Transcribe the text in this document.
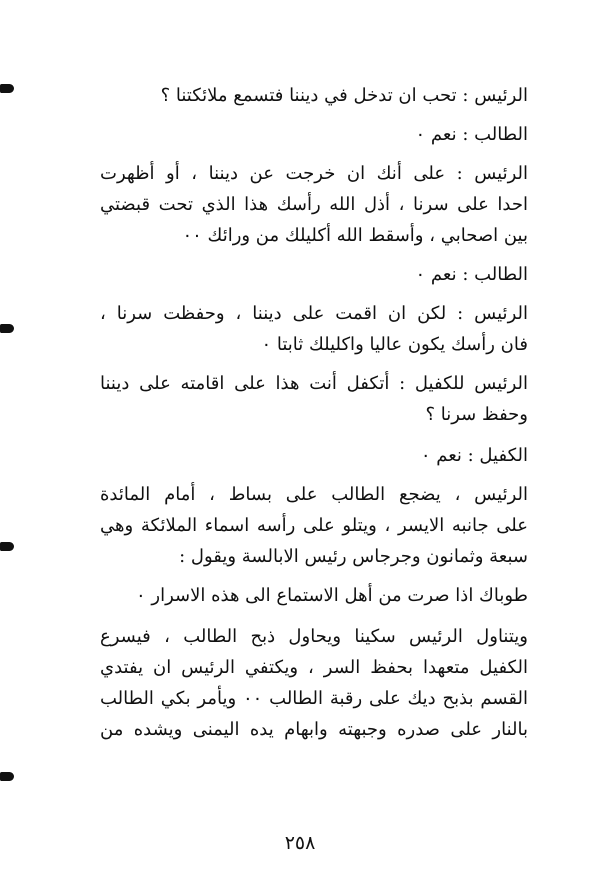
الرئيس : تحب ان تدخل في ديننا فتسمع ملائكتنا ؟

الطالب : نعم ٠

الرئيس : على أنك ان خرجت عن ديننا ، أو أظهرت
احدا على سرنا ، أذل الله رأسك هذا الذي تحت قبضتي
بين اصحابي ، وأسقط الله أكليلك من ورائك ٠٠

الطالب : نعم ٠

الرئيس : لكن ان اقمت على ديننا ، وحفظت سرنا ،
فان رأسك يكون عاليا واكليلك ثابتا ٠

الرئيس للكفيل : أتكفل أنت هذا على اقامته على ديننا
وحفظ سرنا ؟

الكفيل : نعم ٠

الرئيس ، يضجع الطالب على بساط ، أمام المائدة
على جانبه الايسر ، ويتلو على رأسه اسماء الملائكة وهي
سبعة وثمانون وجرجاس رئيس الابالسة ويقول :

طوباك اذا صرت من أهل الاستماع الى هذه الاسرار ٠

ويتناول الرئيس سكينا ويحاول ذبح الطالب ، فيسرع
الكفيل متعهدا بحفظ السر ، ويكتفي الرئيس ان يفتدي
القسم بذبح ديك على رقبة الطالب ٠٠ ويأمر بكي الطالب
بالنار على صدره وجبهته وابهام يده اليمنى ويشده من

٢٥٨
